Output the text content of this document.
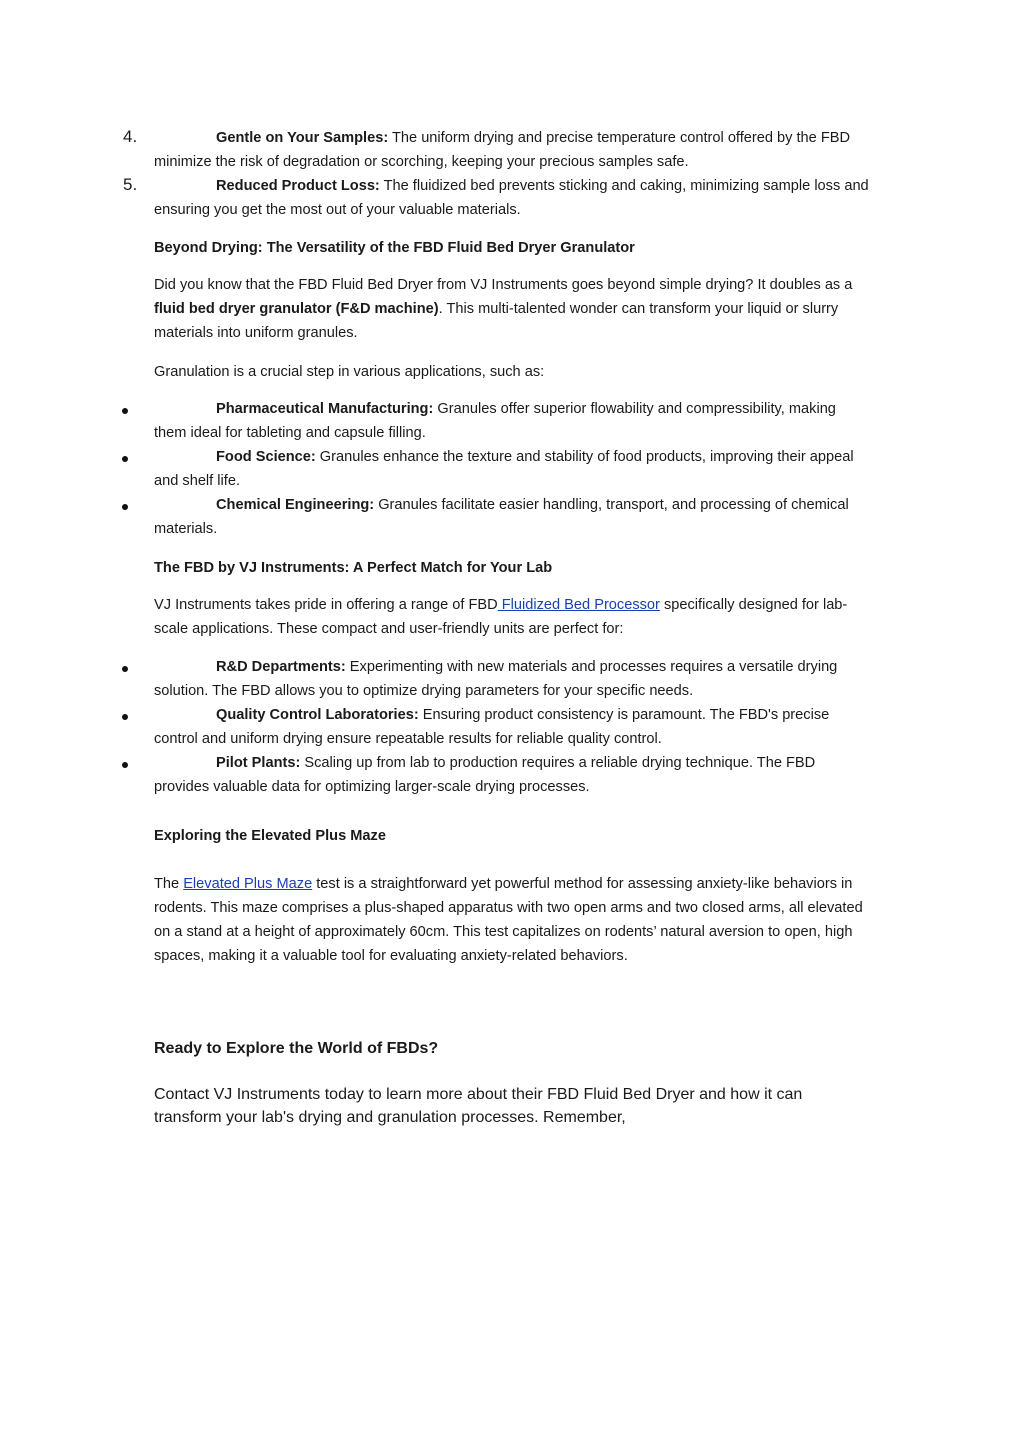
4.	Gentle on Your Samples: The uniform drying and precise temperature control offered by the FBD minimize the risk of degradation or scorching, keeping your precious samples safe.
5.	Reduced Product Loss: The fluidized bed prevents sticking and caking, minimizing sample loss and ensuring you get the most out of your valuable materials.
Beyond Drying: The Versatility of the FBD Fluid Bed Dryer Granulator
Did you know that the FBD Fluid Bed Dryer from VJ Instruments goes beyond simple drying? It doubles as a fluid bed dryer granulator (F&D machine). This multi-talented wonder can transform your liquid or slurry materials into uniform granules.
Granulation is a crucial step in various applications, such as:
Pharmaceutical Manufacturing: Granules offer superior flowability and compressibility, making them ideal for tableting and capsule filling.
Food Science: Granules enhance the texture and stability of food products, improving their appeal and shelf life.
Chemical Engineering: Granules facilitate easier handling, transport, and processing of chemical materials.
The FBD by VJ Instruments: A Perfect Match for Your Lab
VJ Instruments takes pride in offering a range of FBD Fluidized Bed Processor specifically designed for lab-scale applications. These compact and user-friendly units are perfect for:
R&D Departments: Experimenting with new materials and processes requires a versatile drying solution. The FBD allows you to optimize drying parameters for your specific needs.
Quality Control Laboratories: Ensuring product consistency is paramount. The FBD's precise control and uniform drying ensure repeatable results for reliable quality control.
Pilot Plants: Scaling up from lab to production requires a reliable drying technique. The FBD provides valuable data for optimizing larger-scale drying processes.
Exploring the Elevated Plus Maze
The Elevated Plus Maze test is a straightforward yet powerful method for assessing anxiety-like behaviors in rodents. This maze comprises a plus-shaped apparatus with two open arms and two closed arms, all elevated on a stand at a height of approximately 60cm. This test capitalizes on rodents’ natural aversion to open, high spaces, making it a valuable tool for evaluating anxiety-related behaviors.
Ready to Explore the World of FBDs?
Contact VJ Instruments today to learn more about their FBD Fluid Bed Dryer and how it can transform your lab's drying and granulation processes. Remember,
